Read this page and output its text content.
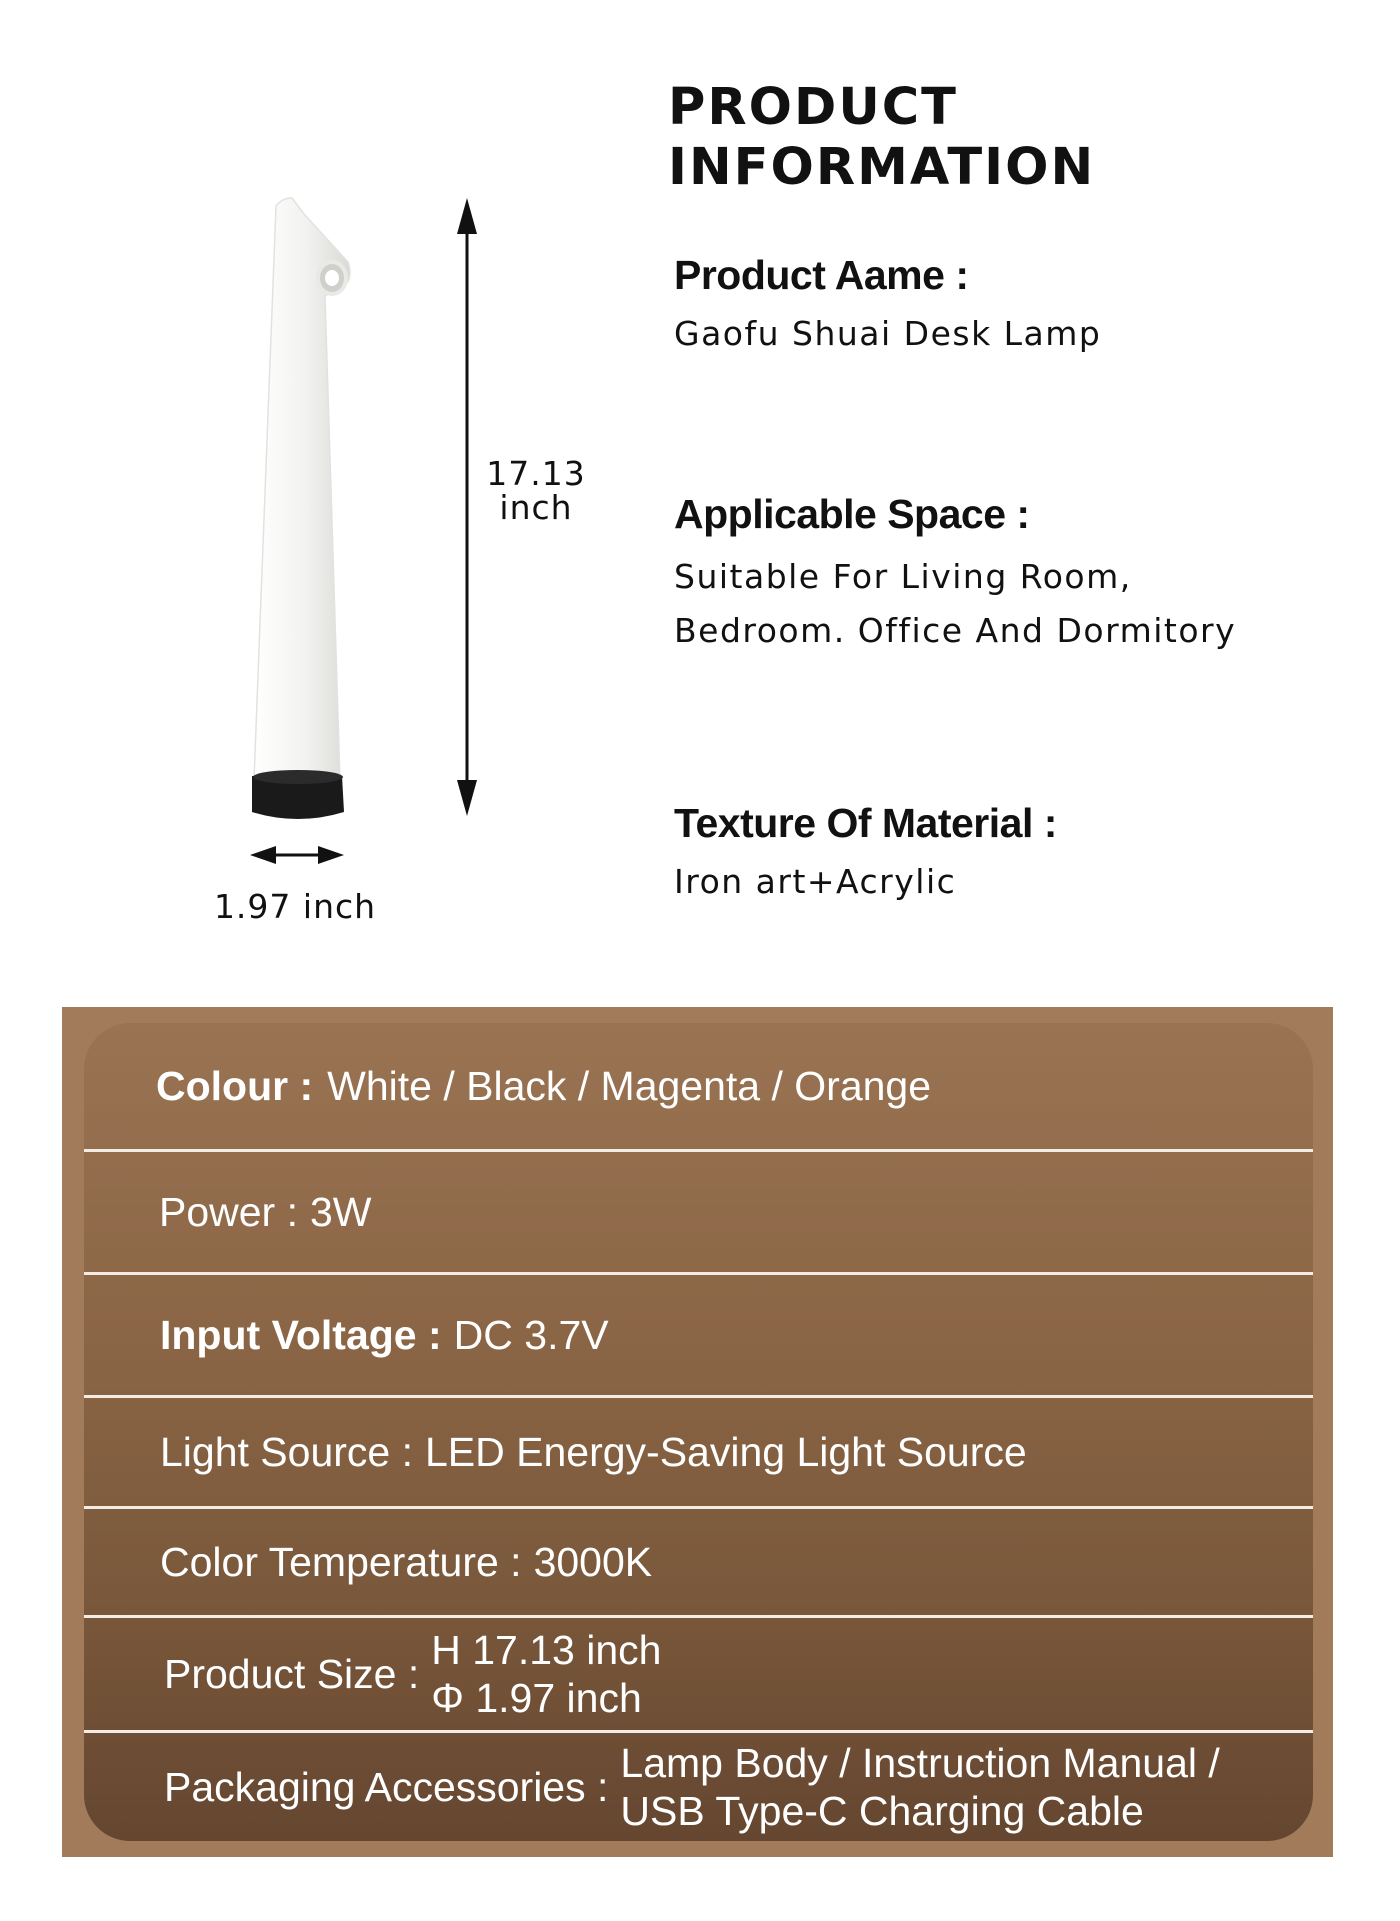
17.13
inch
1.97 inch
PRODUCT
INFORMATION
Product Aame :
Gaofu Shuai Desk Lamp
Applicable Space :
Suitable For Living Room,
Bedroom. Office And Dormitory
Texture Of Material :
Iron art+Acrylic
Colour : White / Black / Magenta / Orange
Power : 3W
Input Voltage : DC 3.7V
Light Source : LED Energy-Saving Light Source
Color Temperature : 3000K
Product Size :
H 17.13 inch
Φ 1.97 inch
Packaging Accessories :
Lamp Body / Instruction Manual /
USB Type-C Charging Cable
